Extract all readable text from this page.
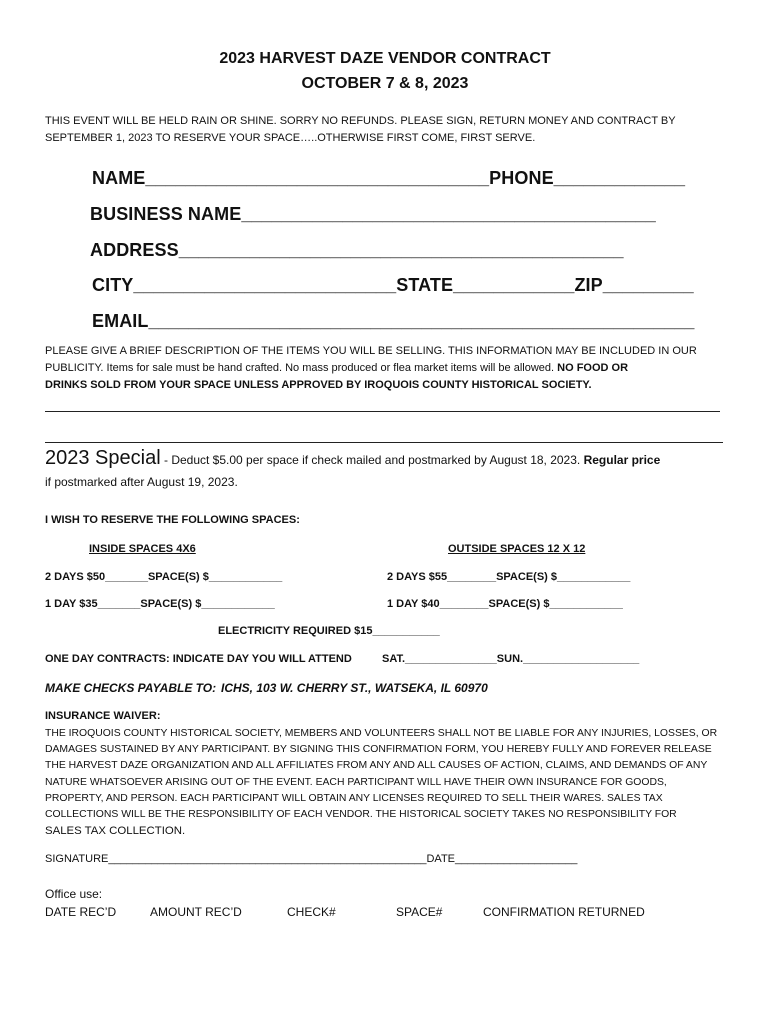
2023 HARVEST DAZE VENDOR CONTRACT
OCTOBER 7 & 8, 2023
THIS EVENT WILL BE HELD RAIN OR SHINE. SORRY NO REFUNDS. PLEASE SIGN, RETURN MONEY AND CONTRACT BY
SEPTEMBER 1, 2023 TO RESERVE YOUR SPACE…..OTHERWISE FIRST COME, FIRST SERVE.
NAME__________________________________PHONE_____________
BUSINESS NAME_________________________________________
ADDRESS____________________________________________
CITY__________________________STATE____________ZIP_________
EMAIL______________________________________________________
PLEASE GIVE A BRIEF DESCRIPTION OF THE ITEMS YOU WILL BE SELLING. THIS INFORMATION MAY BE INCLUDED IN OUR
PUBLICITY. Items for sale must be hand crafted. No mass produced or flea market items will be allowed. NO FOOD OR
DRINKS SOLD FROM YOUR SPACE UNLESS APPROVED BY IROQUOIS COUNTY HISTORICAL SOCIETY.
2023 Special - Deduct $5.00 per space if check mailed and postmarked by August 18, 2023. Regular price
if postmarked after August 19, 2023.
I WISH TO RESERVE THE FOLLOWING SPACES:
INSIDE SPACES 4X6	OUTSIDE SPACES 12 X 12
2 DAYS $50_______SPACE(S) $____________	2 DAYS $55________SPACE(S) $____________
1 DAY $35_______SPACE(S) $____________	1 DAY $40________SPACE(S) $____________
ELECTRICITY REQUIRED $15___________
ONE DAY CONTRACTS: INDICATE DAY YOU WILL ATTEND	SAT._______________SUN.___________________
MAKE CHECKS PAYABLE TO: ICHS, 103 W. CHERRY ST., WATSEKA, IL 60970
INSURANCE WAIVER:
THE IROQUOIS COUNTY HISTORICAL SOCIETY, MEMBERS AND VOLUNTEERS SHALL NOT BE LIABLE FOR ANY INJURIES, LOSSES, OR
DAMAGES SUSTAINED BY ANY PARTICIPANT. BY SIGNING THIS CONFIRMATION FORM, YOU HEREBY FULLY AND FOREVER RELEASE
THE HARVEST DAZE ORGANIZATION AND ALL AFFILIATES FROM ANY AND ALL CAUSES OF ACTION, CLAIMS, AND DEMANDS OF ANY
NATURE WHATSOEVER ARISING OUT OF THE EVENT. EACH PARTICIPANT WILL HAVE THEIR OWN INSURANCE FOR GOODS,
PROPERTY, AND PERSON. EACH PARTICIPANT WILL OBTAIN ANY LICENSES REQUIRED TO SELL THEIR WARES. SALES TAX
COLLECTIONS WILL BE THE RESPONSIBILITY OF EACH VENDOR. THE HISTORICAL SOCIETY TAKES NO RESPONSIBILITY FOR
SALES TAX COLLECTION.
SIGNATURE____________________________________________________DATE____________________
Office use:
DATE REC’D	AMOUNT REC’D	CHECK#	SPACE#	CONFIRMATION RETURNED
